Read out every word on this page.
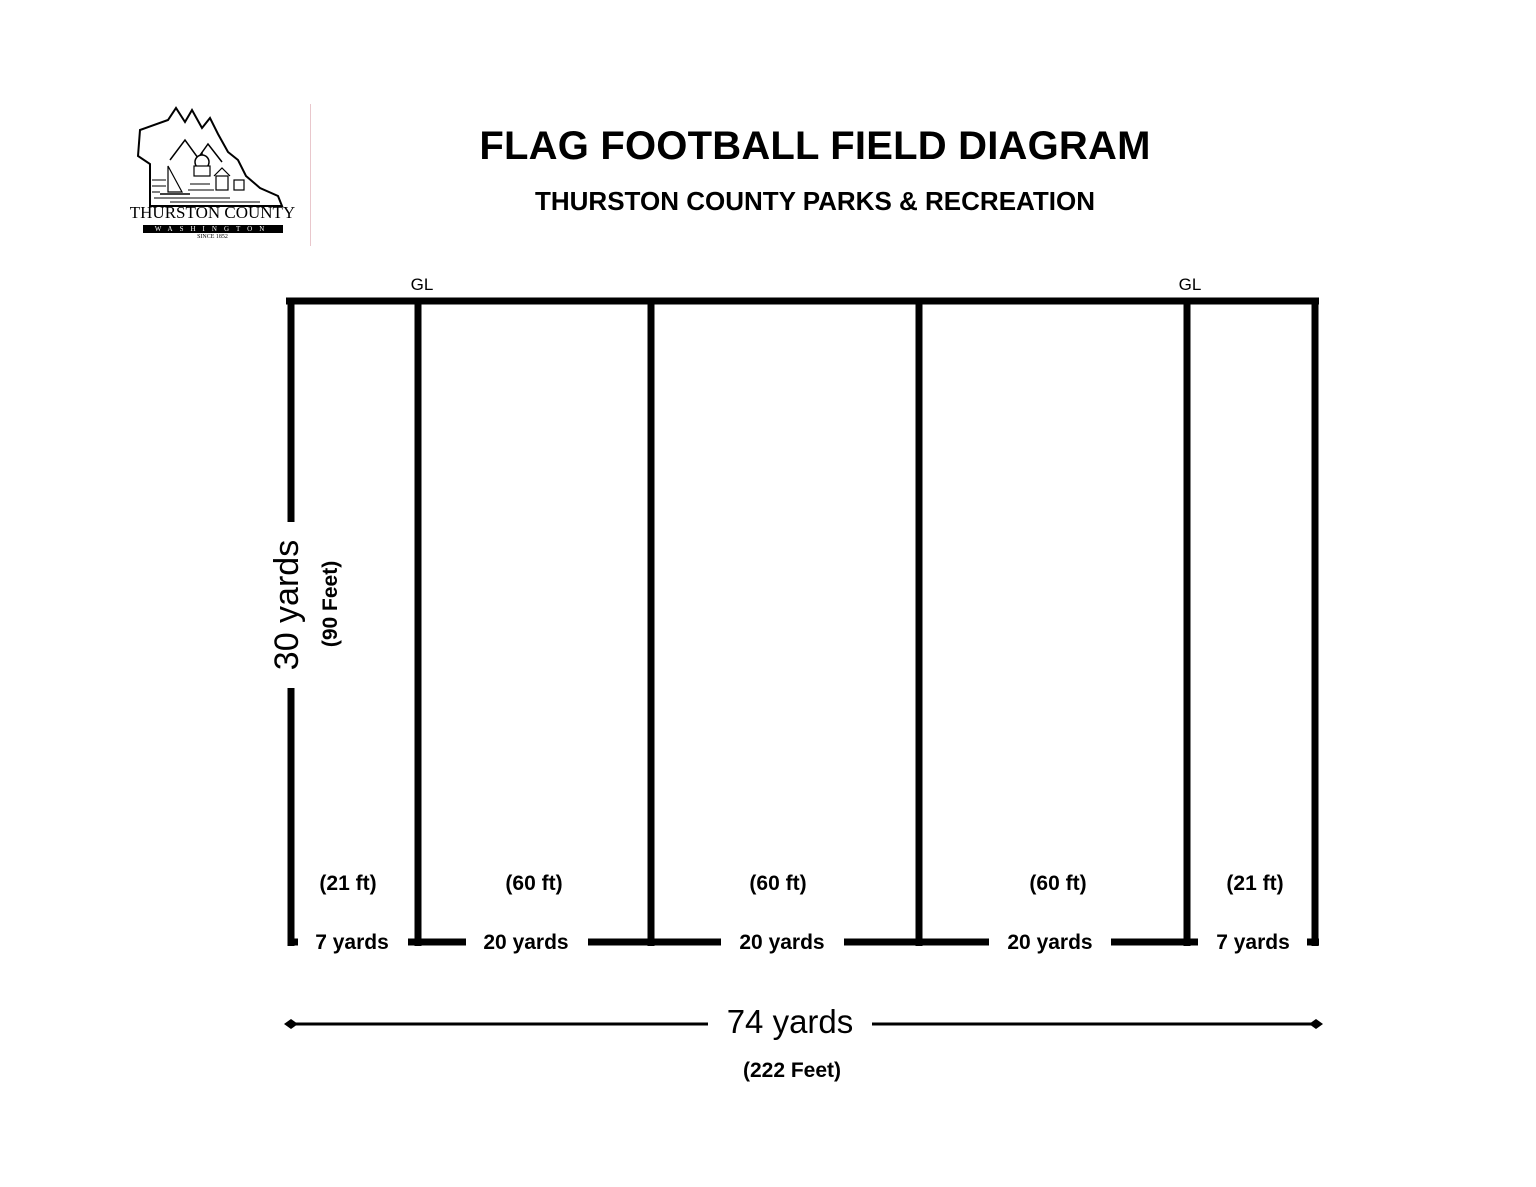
THURSTON COUNTY
WASHINGTON
SINCE 1852
FLAG FOOTBALL FIELD DIAGRAM
THURSTON COUNTY PARKS & RECREATION
GL	GL
30 yards (90 Feet)
(21 ft)	(60 ft)	(60 ft)	(60 ft)	(21 ft)
7 yards	20 yards	20 yards	20 yards	7 yards
74 yards
(222 Feet)
